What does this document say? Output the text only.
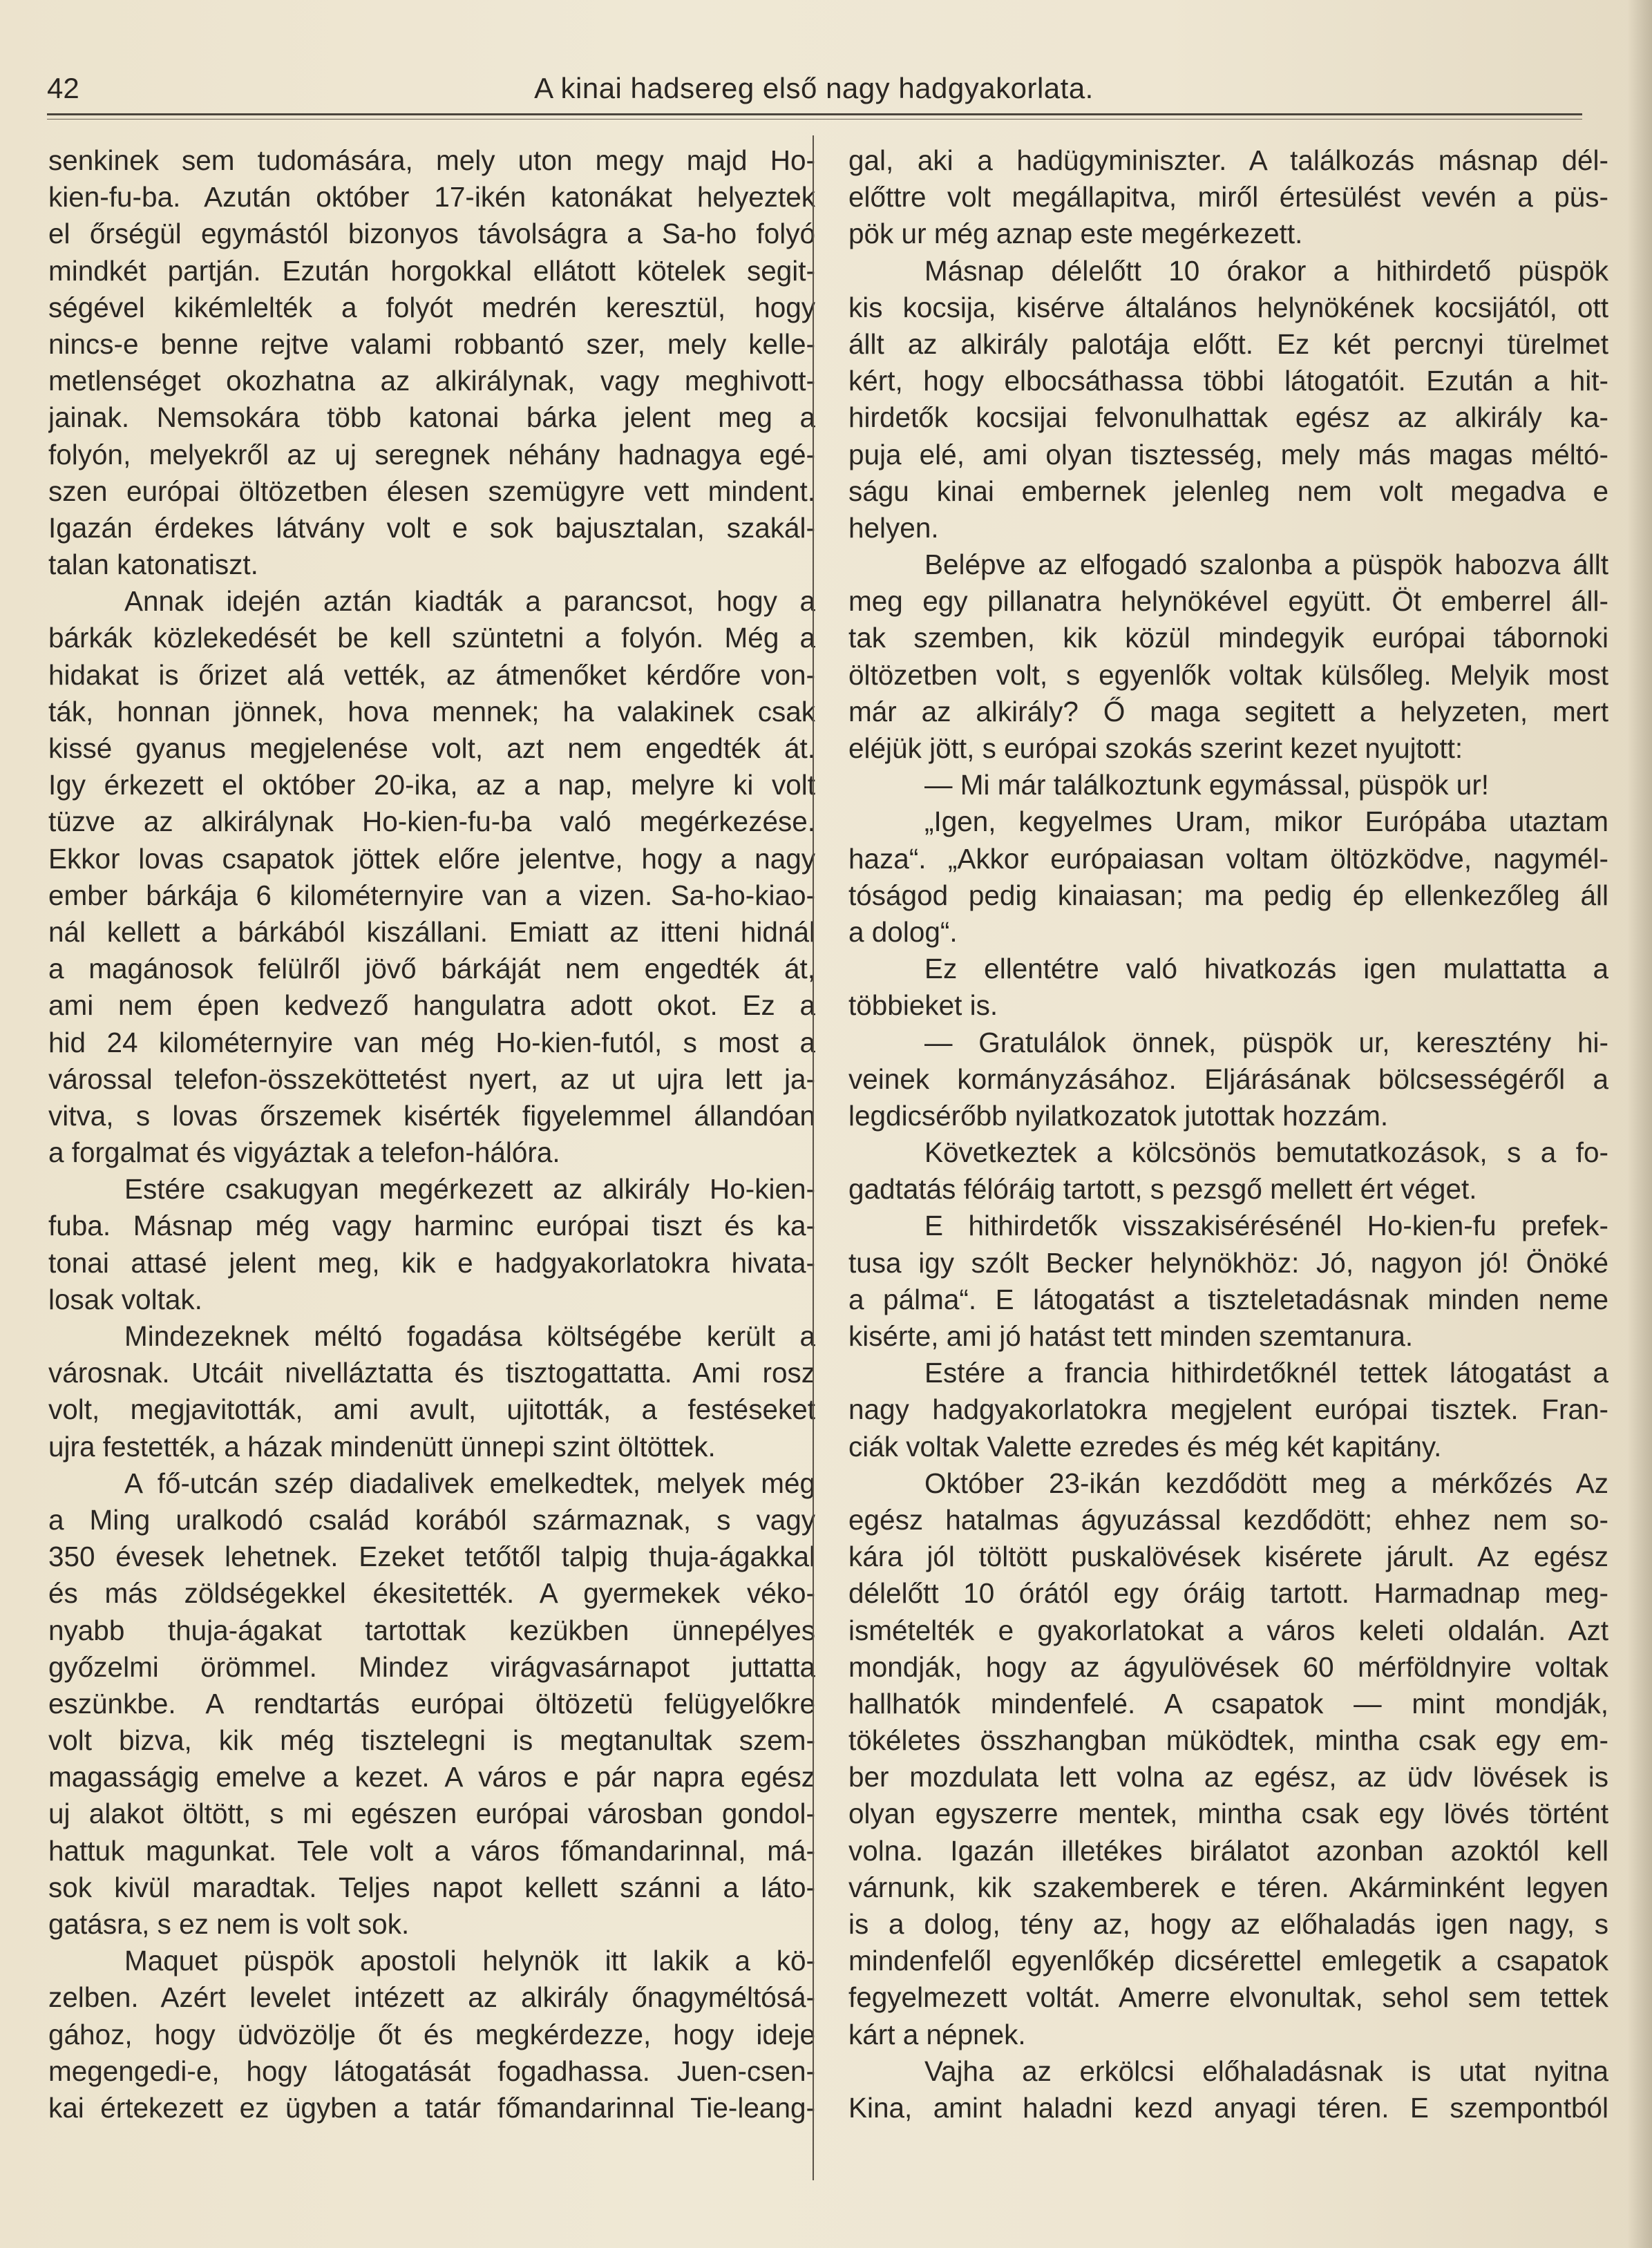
42	A kinai hadsereg első nagy hadgyakorlata.
senkinek sem tudomására, mely uton megy majd Ho-
kien-fu-ba. Azután október 17-ikén katonákat helyeztek
el őrségül egymástól bizonyos távolságra a Sa-ho folyó
mindkét partján. Ezután horgokkal ellátott kötelek segit-
ségével kikémlelték a folyót medrén keresztül, hogy
nincs-e benne rejtve valami robbantó szer, mely kelle-
metlenséget okozhatna az alkirálynak, vagy meghivott-
jainak. Nemsokára több katonai bárka jelent meg a
folyón, melyekről az uj seregnek néhány hadnagya egé-
szen európai öltözetben élesen szemügyre vett mindent.
Igazán érdekes látvány volt e sok bajusztalan, szakál-
talan katonatiszt.
Annak idején aztán kiadták a parancsot, hogy a
bárkák közlekedését be kell szüntetni a folyón. Még a
hidakat is őrizet alá vették, az átmenőket kérdőre von-
ták, honnan jönnek, hova mennek; ha valakinek csak
kissé gyanus megjelenése volt, azt nem engedték át.
Igy érkezett el október 20-ika, az a nap, melyre ki volt
tüzve az alkirálynak Ho-kien-fu-ba való megérkezése.
Ekkor lovas csapatok jöttek előre jelentve, hogy a nagy
ember bárkája 6 kilométernyire van a vizen. Sa-ho-kiao-
nál kellett a bárkából kiszállani. Emiatt az itteni hidnál
a magánosok felülről jövő bárkáját nem engedték át,
ami nem épen kedvező hangulatra adott okot. Ez a
hid 24 kilométernyire van még Ho-kien-futól, s most a
várossal telefon-összeköttetést nyert, az ut ujra lett ja-
vitva, s lovas őrszemek kisérték figyelemmel állandóan
a forgalmat és vigyáztak a telefon-hálóra.
Estére csakugyan megérkezett az alkirály Ho-kien-
fuba. Másnap még vagy harminc európai tiszt és ka-
tonai attasé jelent meg, kik e hadgyakorlatokra hivata-
losak voltak.
Mindezeknek méltó fogadása költségébe került a
városnak. Utcáit nivelláztatta és tisztogattatta. Ami rosz
volt, megjavitották, ami avult, ujitották, a festéseket
ujra festették, a házak mindenütt ünnepi szint öltöttek.
A fő-utcán szép diadalivek emelkedtek, melyek még
a Ming uralkodó család korából származnak, s vagy
350 évesek lehetnek. Ezeket tetőtől talpig thuja-ágakkal
és más zöldségekkel ékesitették. A gyermekek véko-
nyabb thuja-ágakat tartottak kezükben ünnepélyes
győzelmi örömmel. Mindez virágvasárnapot juttatta
eszünkbe. A rendtartás európai öltözetü felügyelőkre
volt bizva, kik még tisztelegni is megtanultak szem-
magasságig emelve a kezet. A város e pár napra egész
uj alakot öltött, s mi egészen európai városban gondol-
hattuk magunkat. Tele volt a város főmandarinnal, má-
sok kivül maradtak. Teljes napot kellett szánni a láto-
gatásra, s ez nem is volt sok.
Maquet püspök apostoli helynök itt lakik a kö-
zelben. Azért levelet intézett az alkirály őnagyméltósá-
gához, hogy üdvözölje őt és megkérdezze, hogy ideje
megengedi-e, hogy látogatását fogadhassa. Juen-csen-
kai értekezett ez ügyben a tatár főmandarinnal Tie-leang-
gal, aki a hadügyminiszter. A találkozás másnap dél-
előttre volt megállapitva, miről értesülést vevén a püs-
pök ur még aznap este megérkezett.
Másnap délelőtt 10 órakor a hithirdető püspök
kis kocsija, kisérve általános helynökének kocsijától, ott
állt az alkirály palotája előtt. Ez két percnyi türelmet
kért, hogy elbocsáthassa többi látogatóit. Ezután a hit-
hirdetők kocsijai felvonulhattak egész az alkirály ka-
puja elé, ami olyan tisztesség, mely más magas méltó-
ságu kinai embernek jelenleg nem volt megadva e
helyen.
Belépve az elfogadó szalonba a püspök habozva állt
meg egy pillanatra helynökével együtt. Öt emberrel áll-
tak szemben, kik közül mindegyik európai tábornoki
öltözetben volt, s egyenlők voltak külsőleg. Melyik most
már az alkirály? Ő maga segitett a helyzeten, mert
eléjük jött, s európai szokás szerint kezet nyujtott:
— Mi már találkoztunk egymással, püspök ur!
„Igen, kegyelmes Uram, mikor Európába utaztam
haza“. „Akkor európaiasan voltam öltözködve, nagymél-
tóságod pedig kinaiasan; ma pedig ép ellenkezőleg áll
a dolog“.
Ez ellentétre való hivatkozás igen mulattatta a
többieket is.
— Gratulálok önnek, püspök ur, keresztény hi-
veinek kormányzásához. Eljárásának bölcsességéről a
legdicsérőbb nyilatkozatok jutottak hozzám.
Következtek a kölcsönös bemutatkozások, s a fo-
gadtatás félóráig tartott, s pezsgő mellett ért véget.
E hithirdetők visszakisérésénél Ho-kien-fu prefek-
tusa igy szólt Becker helynökhöz: Jó, nagyon jó! Önöké
a pálma“. E látogatást a tiszteletadásnak minden neme
kisérte, ami jó hatást tett minden szemtanura.
Estére a francia hithirdetőknél tettek látogatást a
nagy hadgyakorlatokra megjelent európai tisztek. Fran-
ciák voltak Valette ezredes és még két kapitány.
Október 23-ikán kezdődött meg a mérkőzés Az
egész hatalmas ágyuzással kezdődött; ehhez nem so-
kára jól töltött puskalövések kisérete járult. Az egész
délelőtt 10 órától egy óráig tartott. Harmadnap meg-
ismételték e gyakorlatokat a város keleti oldalán. Azt
mondják, hogy az ágyulövések 60 mérföldnyire voltak
hallhatók mindenfelé. A csapatok — mint mondják,
tökéletes összhangban müködtek, mintha csak egy em-
ber mozdulata lett volna az egész, az üdv lövések is
olyan egyszerre mentek, mintha csak egy lövés történt
volna. Igazán illetékes birálatot azonban azoktól kell
várnunk, kik szakemberek e téren. Akárminként legyen
is a dolog, tény az, hogy az előhaladás igen nagy, s
mindenfelől egyenlőkép dicsérettel emlegetik a csapatok
fegyelmezett voltát. Amerre elvonultak, sehol sem tettek
kárt a népnek.
Vajha az erkölcsi előhaladásnak is utat nyitna
Kina, amint haladni kezd anyagi téren. E szempontból
